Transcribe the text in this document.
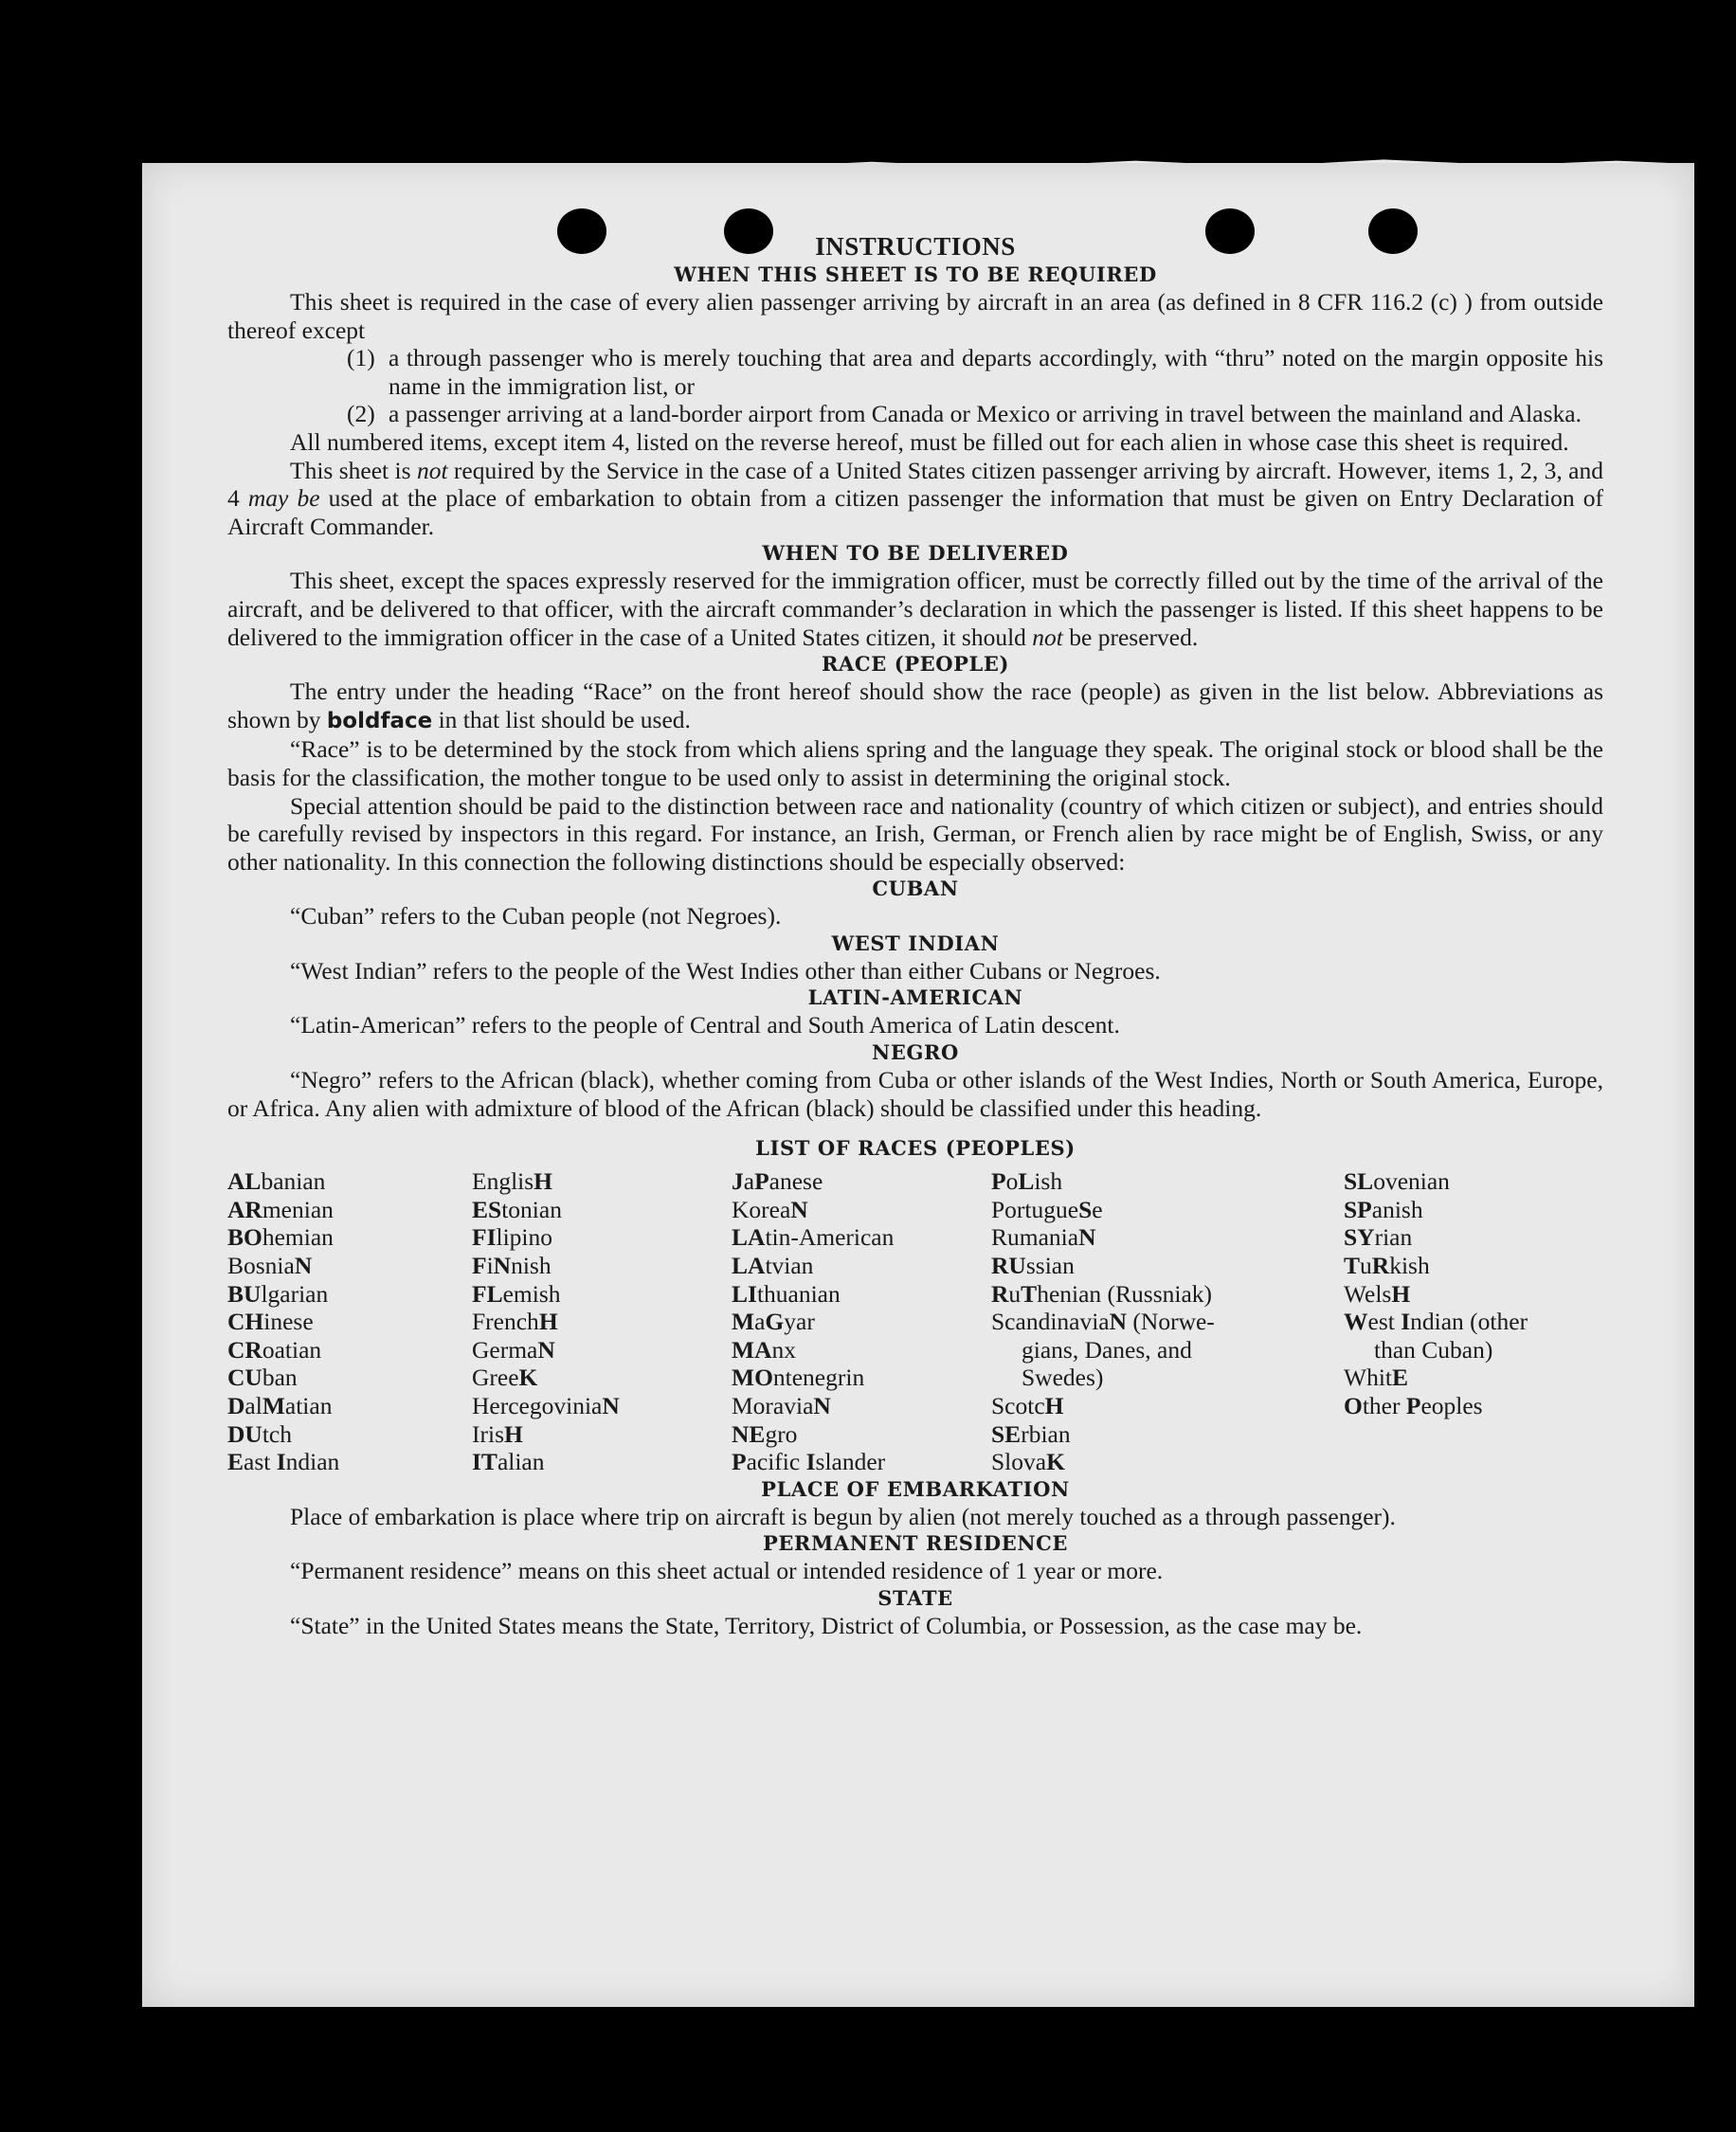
INSTRUCTIONS
WHEN THIS SHEET IS TO BE REQUIRED

This sheet is required in the case of every alien passenger arriving by aircraft in an area (as defined in 8 CFR 116.2 (c) ) from outside thereof except

(1) a through passenger who is merely touching that area and departs accordingly, with “thru” noted on the margin opposite his name in the immigration list, or
(2) a passenger arriving at a land-border airport from Canada or Mexico or arriving in travel between the mainland and Alaska.

All numbered items, except item 4, listed on the reverse hereof, must be filled out for each alien in whose case this sheet is required.

This sheet is not required by the Service in the case of a United States citizen passenger arriving by aircraft. However, items 1, 2, 3, and 4 may be used at the place of embarkation to obtain from a citizen passenger the information that must be given on Entry Declaration of Aircraft Commander.

WHEN TO BE DELIVERED

This sheet, except the spaces expressly reserved for the immigration officer, must be correctly filled out by the time of the arrival of the aircraft, and be delivered to that officer, with the aircraft commander’s declaration in which the passenger is listed. If this sheet happens to be delivered to the immigration officer in the case of a United States citizen, it should not be preserved.

RACE (PEOPLE)

The entry under the heading “Race” on the front hereof should show the race (people) as given in the list below. Abbreviations as shown by boldface in that list should be used.

“Race” is to be determined by the stock from which aliens spring and the language they speak. The original stock or blood shall be the basis for the classification, the mother tongue to be used only to assist in determining the original stock.

Special attention should be paid to the distinction between race and nationality (country of which citizen or subject), and entries should be carefully revised by inspectors in this regard. For instance, an Irish, German, or French alien by race might be of English, Swiss, or any other nationality. In this connection the following distinctions should be especially observed:

CUBAN

“Cuban” refers to the Cuban people (not Negroes).

WEST INDIAN

“West Indian” refers to the people of the West Indies other than either Cubans or Negroes.

LATIN-AMERICAN

“Latin-American” refers to the people of Central and South America of Latin descent.

NEGRO

“Negro” refers to the African (black), whether coming from Cuba or other islands of the West Indies, North or South America, Europe, or Africa. Any alien with admixture of blood of the African (black) should be classified under this heading.

LIST OF RACES (PEOPLES)
ALbanian
ARmenian
BOhemian
BosniaN
BUlgarian
CHinese
CRoatian
CUban
DalMatian
DUtch
East Indian
EnglisH
EStonian
FIlipino
FiNnish
FLemish
FrenchH
GermaN
GreeK
HercegoviniaN
IrisH
ITalian
JaPanese
KoreaN
LAtin-American
LAtvian
LIthuanian
MaGyar
MAnx
MOntenegrin
MoraviaN
NEgro
Pacific Islander
PoLish
PortugueSe
RumaniaN
RUssian
RuThenian (Russniak)
ScandinaviaN (Norwe-
gians, Danes, and
Swedes)
ScotcH
SErbian
SlovaK
SLovenian
SPanish
SYrian
TuRkish
WelsH
West Indian (other
than Cuban)
WhitE
Other Peoples
PLACE OF EMBARKATION

Place of embarkation is place where trip on aircraft is begun by alien (not merely touched as a through passenger).

PERMANENT RESIDENCE

“Permanent residence” means on this sheet actual or intended residence of 1 year or more.

STATE

“State” in the United States means the State, Territory, District of Columbia, or Possession, as the case may be.
